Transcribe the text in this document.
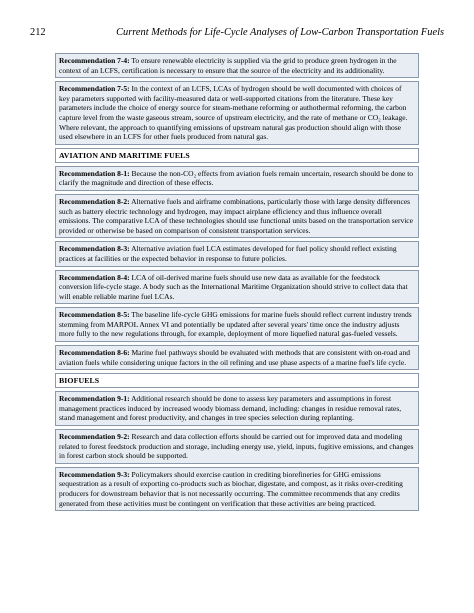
212	Current Methods for Life-Cycle Analyses of Low-Carbon Transportation Fuels
Recommendation 7-4: To ensure renewable electricity is supplied via the grid to produce green hydrogen in the context of an LCFS, certification is necessary to ensure that the source of the electricity and its additionality.
Recommendation 7-5: In the context of an LCFS, LCAs of hydrogen should be well documented with choices of key parameters supported with facility-measured data or well-supported citations from the literature. These key parameters include the choice of energy source for steam-methane reforming or authothermal reforming, the carbon capture level from the waste gaseous stream, source of upstream electricity, and the rate of methane or CO₂ leakage. Where relevant, the approach to quantifying emissions of upstream natural gas production should align with those used elsewhere in an LCFS for other fuels produced from natural gas.
AVIATION AND MARITIME FUELS
Recommendation 8-1: Because the non-CO₂ effects from aviation fuels remain uncertain, research should be done to clarify the magnitude and direction of these effects.
Recommendation 8-2: Alternative fuels and airframe combinations, particularly those with large density differences such as battery electric technology and hydrogen, may impact airplane efficiency and thus influence overall emissions. The comparative LCA of these technologies should use functional units based on the transportation service provided or otherwise be based on comparison of consistent transportation services.
Recommendation 8-3: Alternative aviation fuel LCA estimates developed for fuel policy should reflect existing practices at facilities or the expected behavior in response to future policies.
Recommendation 8-4: LCA of oil-derived marine fuels should use new data as available for the feedstock conversion life-cycle stage. A body such as the International Maritime Organization should strive to collect data that will enable reliable marine fuel LCAs.
Recommendation 8-5: The baseline life-cycle GHG emissions for marine fuels should reflect current industry trends stemming from MARPOL Annex VI and potentially be updated after several years' time once the industry adjusts more fully to the new regulations through, for example, deployment of more liquefied natural gas-fueled vessels.
Recommendation 8-6: Marine fuel pathways should be evaluated with methods that are consistent with on-road and aviation fuels while considering unique factors in the oil refining and use phase aspects of a marine fuel's life cycle.
BIOFUELS
Recommendation 9-1: Additional research should be done to assess key parameters and assumptions in forest management practices induced by increased woody biomass demand, including: changes in residue removal rates, stand management and forest productivity, and changes in tree species selection during replanting.
Recommendation 9-2: Research and data collection efforts should be carried out for improved data and modeling related to forest feedstock production and storage, including energy use, yield, inputs, fugitive emissions, and changes in forest carbon stock should be supported.
Recommendation 9-3: Policymakers should exercise caution in crediting biorefineries for GHG emissions sequestration as a result of exporting co-products such as biochar, digestate, and compost, as it risks over-crediting producers for downstream behavior that is not necessarily occurring. The committee recommends that any credits generated from these activities must be contingent on verification that these activities are being practiced.
